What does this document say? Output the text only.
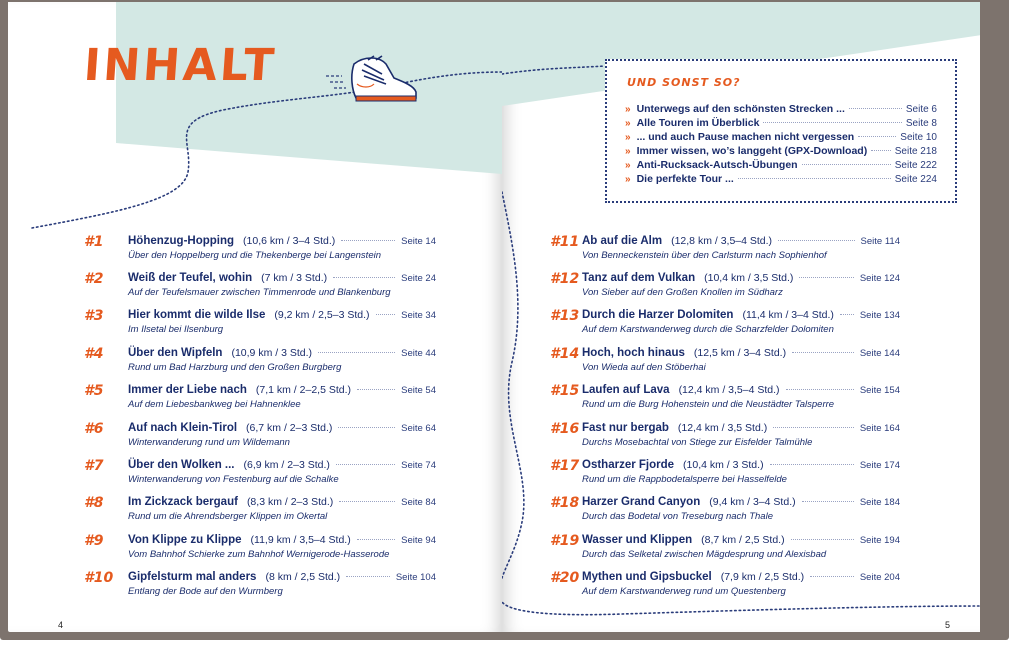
INHALT
#1 Höhenzug-Hopping (10,6 km / 3–4 Std.)	Seite 14
Über den Hoppelberg und die Thekenberge bei Langenstein
#2 Weiß der Teufel, wohin (7 km / 3 Std.)	Seite 24
Auf der Teufelsmauer zwischen Timmenrode und Blankenburg
#3 Hier kommt die wilde Ilse (9,2 km / 2,5–3 Std.)	Seite 34
Im Ilsetal bei Ilsenburg
#4 Über den Wipfeln (10,9 km / 3 Std.)	Seite 44
Rund um Bad Harzburg und den Großen Burgberg
#5 Immer der Liebe nach (7,1 km / 2–2,5 Std.)	Seite 54
Auf dem Liebesbankweg bei Hahnenklee
#6 Auf nach Klein-Tirol (6,7 km / 2–3 Std.)	Seite 64
Winterwanderung rund um Wildemann
#7 Über den Wolken ... (6,9 km / 2–3 Std.)	Seite 74
Winterwanderung von Festenburg auf die Schalke
#8 Im Zickzack bergauf (8,3 km / 2–3 Std.)	Seite 84
Rund um die Ahrendsberger Klippen im Okertal
#9 Von Klippe zu Klippe (11,9 km / 3,5–4 Std.)	Seite 94
Vom Bahnhof Schierke zum Bahnhof Wernigerode-Hasserode
#10 Gipfelsturm mal anders (8 km / 2,5 Std.)	Seite 104
Entlang der Bode auf den Wurmberg
4
UND SONST SO?
» Unterwegs auf den schönsten Strecken ...	Seite 6
» Alle Touren im Überblick	Seite 8
» ... und auch Pause machen nicht vergessen	Seite 10
» Immer wissen, wo’s langgeht (GPX-Download)	Seite 218
» Anti-Rucksack-Autsch-Übungen	Seite 222
» Die perfekte Tour ...	Seite 224
#11 Ab auf die Alm (12,8 km / 3,5–4 Std.)	Seite 114
Von Benneckenstein über den Carlsturm nach Sophienhof
#12 Tanz auf dem Vulkan (10,4 km / 3,5 Std.)	Seite 124
Von Sieber auf den Großen Knollen im Südharz
#13 Durch die Harzer Dolomiten (11,4 km / 3–4 Std.)	Seite 134
Auf dem Karstwanderweg durch die Scharzfelder Dolomiten
#14 Hoch, hoch hinaus (12,5 km / 3–4 Std.)	Seite 144
Von Wieda auf den Stöberhai
#15 Laufen auf Lava (12,4 km / 3,5–4 Std.)	Seite 154
Rund um die Burg Hohenstein und die Neustädter Talsperre
#16 Fast nur bergab (12,4 km / 3,5 Std.)	Seite 164
Durchs Mosebachtal von Stiege zur Eisfelder Talmühle
#17 Ostharzer Fjorde (10,4 km / 3 Std.)	Seite 174
Rund um die Rappbodetalsperre bei Hasselfelde
#18 Harzer Grand Canyon (9,4 km / 3–4 Std.)	Seite 184
Durch das Bodetal von Treseburg nach Thale
#19 Wasser und Klippen (8,7 km / 2,5 Std.)	Seite 194
Durch das Selketal zwischen Mägdesprung und Alexisbad
#20 Mythen und Gipsbuckel (7,9 km / 2,5 Std.)	Seite 204
Auf dem Karstwanderweg rund um Questenberg
5
